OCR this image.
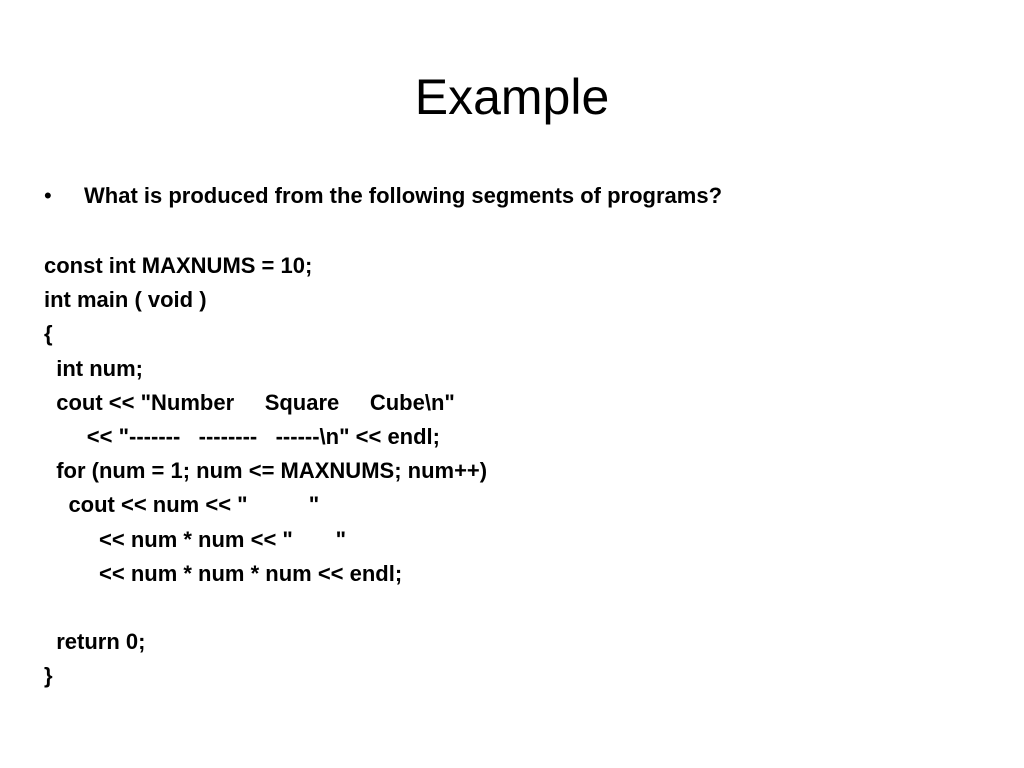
Example
• What is produced from the following segments of programs?
const int MAXNUMS = 10;
int main ( void )
{
int num;
cout << "Number     Square     Cube\n"
<< "-------   --------   ------\n" << endl;
for (num = 1; num <= MAXNUMS; num++)
cout << num << "          "
<< num * num << "       "
<< num * num * num << endl;
return 0;
}
